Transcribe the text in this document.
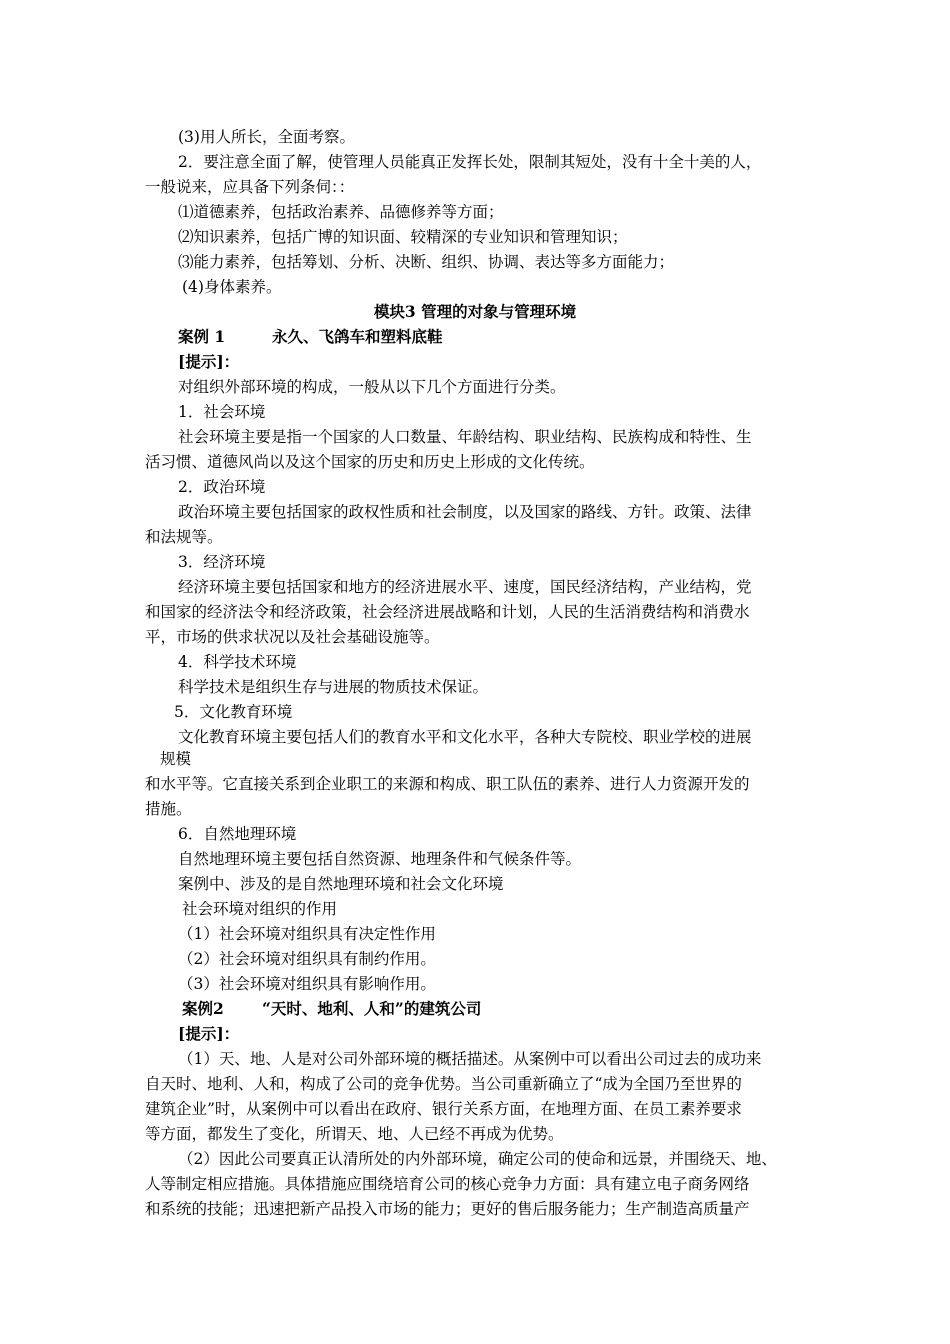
(3)用人所长，全面考察。
2．要注意全面了解，使管理人员能真正发挥长处，限制其短处，没有十全十美的人，
一般说来，应具备下列条伺：：
⑴道德素养，包括政治素养、品德修养等方面；
⑵知识素养，包括广博的知识面、较精深的专业知识和管理知识；
⑶能力素养，包括筹划、分析、决断、组织、协调、表达等多方面能力；
(4)身体素养。
模块3 管理的对象与管理环境
案例 1	永久、飞鸽车和塑料底鞋
[提示]：
对组织外部环境的构成，一般从以下几个方面进行分类。
1．社会环境
社会环境主要是指一个国家的人口数量、年龄结构、职业结构、民族构成和特性、生
活习惯、道德风尚以及这个国家的历史和历史上形成的文化传统。
2．政治环境
政治环境主要包括国家的政权性质和社会制度，以及国家的路线、方针。政策、法律
和法规等。
3．经济环境
经济环境主要包括国家和地方的经济进展水平、速度，国民经济结构，产业结构，党
和国家的经济法令和经济政策，社会经济进展战略和计划，人民的生活消费结构和消费水
平，市场的供求状况以及社会基础设施等。
4．科学技术环境
科学技术是组织生存与进展的物质技术保证。
5．文化教育环境
文化教育环境主要包括人们的教育水平和文化水平，各种大专院校、职业学校的进展
规模
和水平等。它直接关系到企业职工的来源和构成、职工队伍的素养、进行人力资源开发的
措施。
6．自然地理环境
自然地理环境主要包括自然资源、地理条件和气候条件等。
案例中、涉及的是自然地理环境和社会文化环境
社会环境对组织的作用
（1）社会环境对组织具有决定性作用
（2）社会环境对组织具有制约作用。
（3）社会环境对组织具有影响作用。
案例2 “天时、地利、人和”的建筑公司
[提示]：
（1）天、地、人是对公司外部环境的概括描述。从案例中可以看出公司过去的成功来
自天时、地利、人和，构成了公司的竞争优势。当公司重新确立了“成为全国乃至世界的
建筑企业”时，从案例中可以看出在政府、银行关系方面，在地理方面、在员工素养要求
等方面，都发生了变化，所谓天、地、人已经不再成为优势。
（2）因此公司要真正认清所处的内外部环境，确定公司的使命和远景，并围绕天、地、
人等制定相应措施。具体措施应围绕培育公司的核心竞争力方面：具有建立电子商务网络
和系统的技能；迅速把新产品投入市场的能力；更好的售后服务能力；生产制造高质量产
